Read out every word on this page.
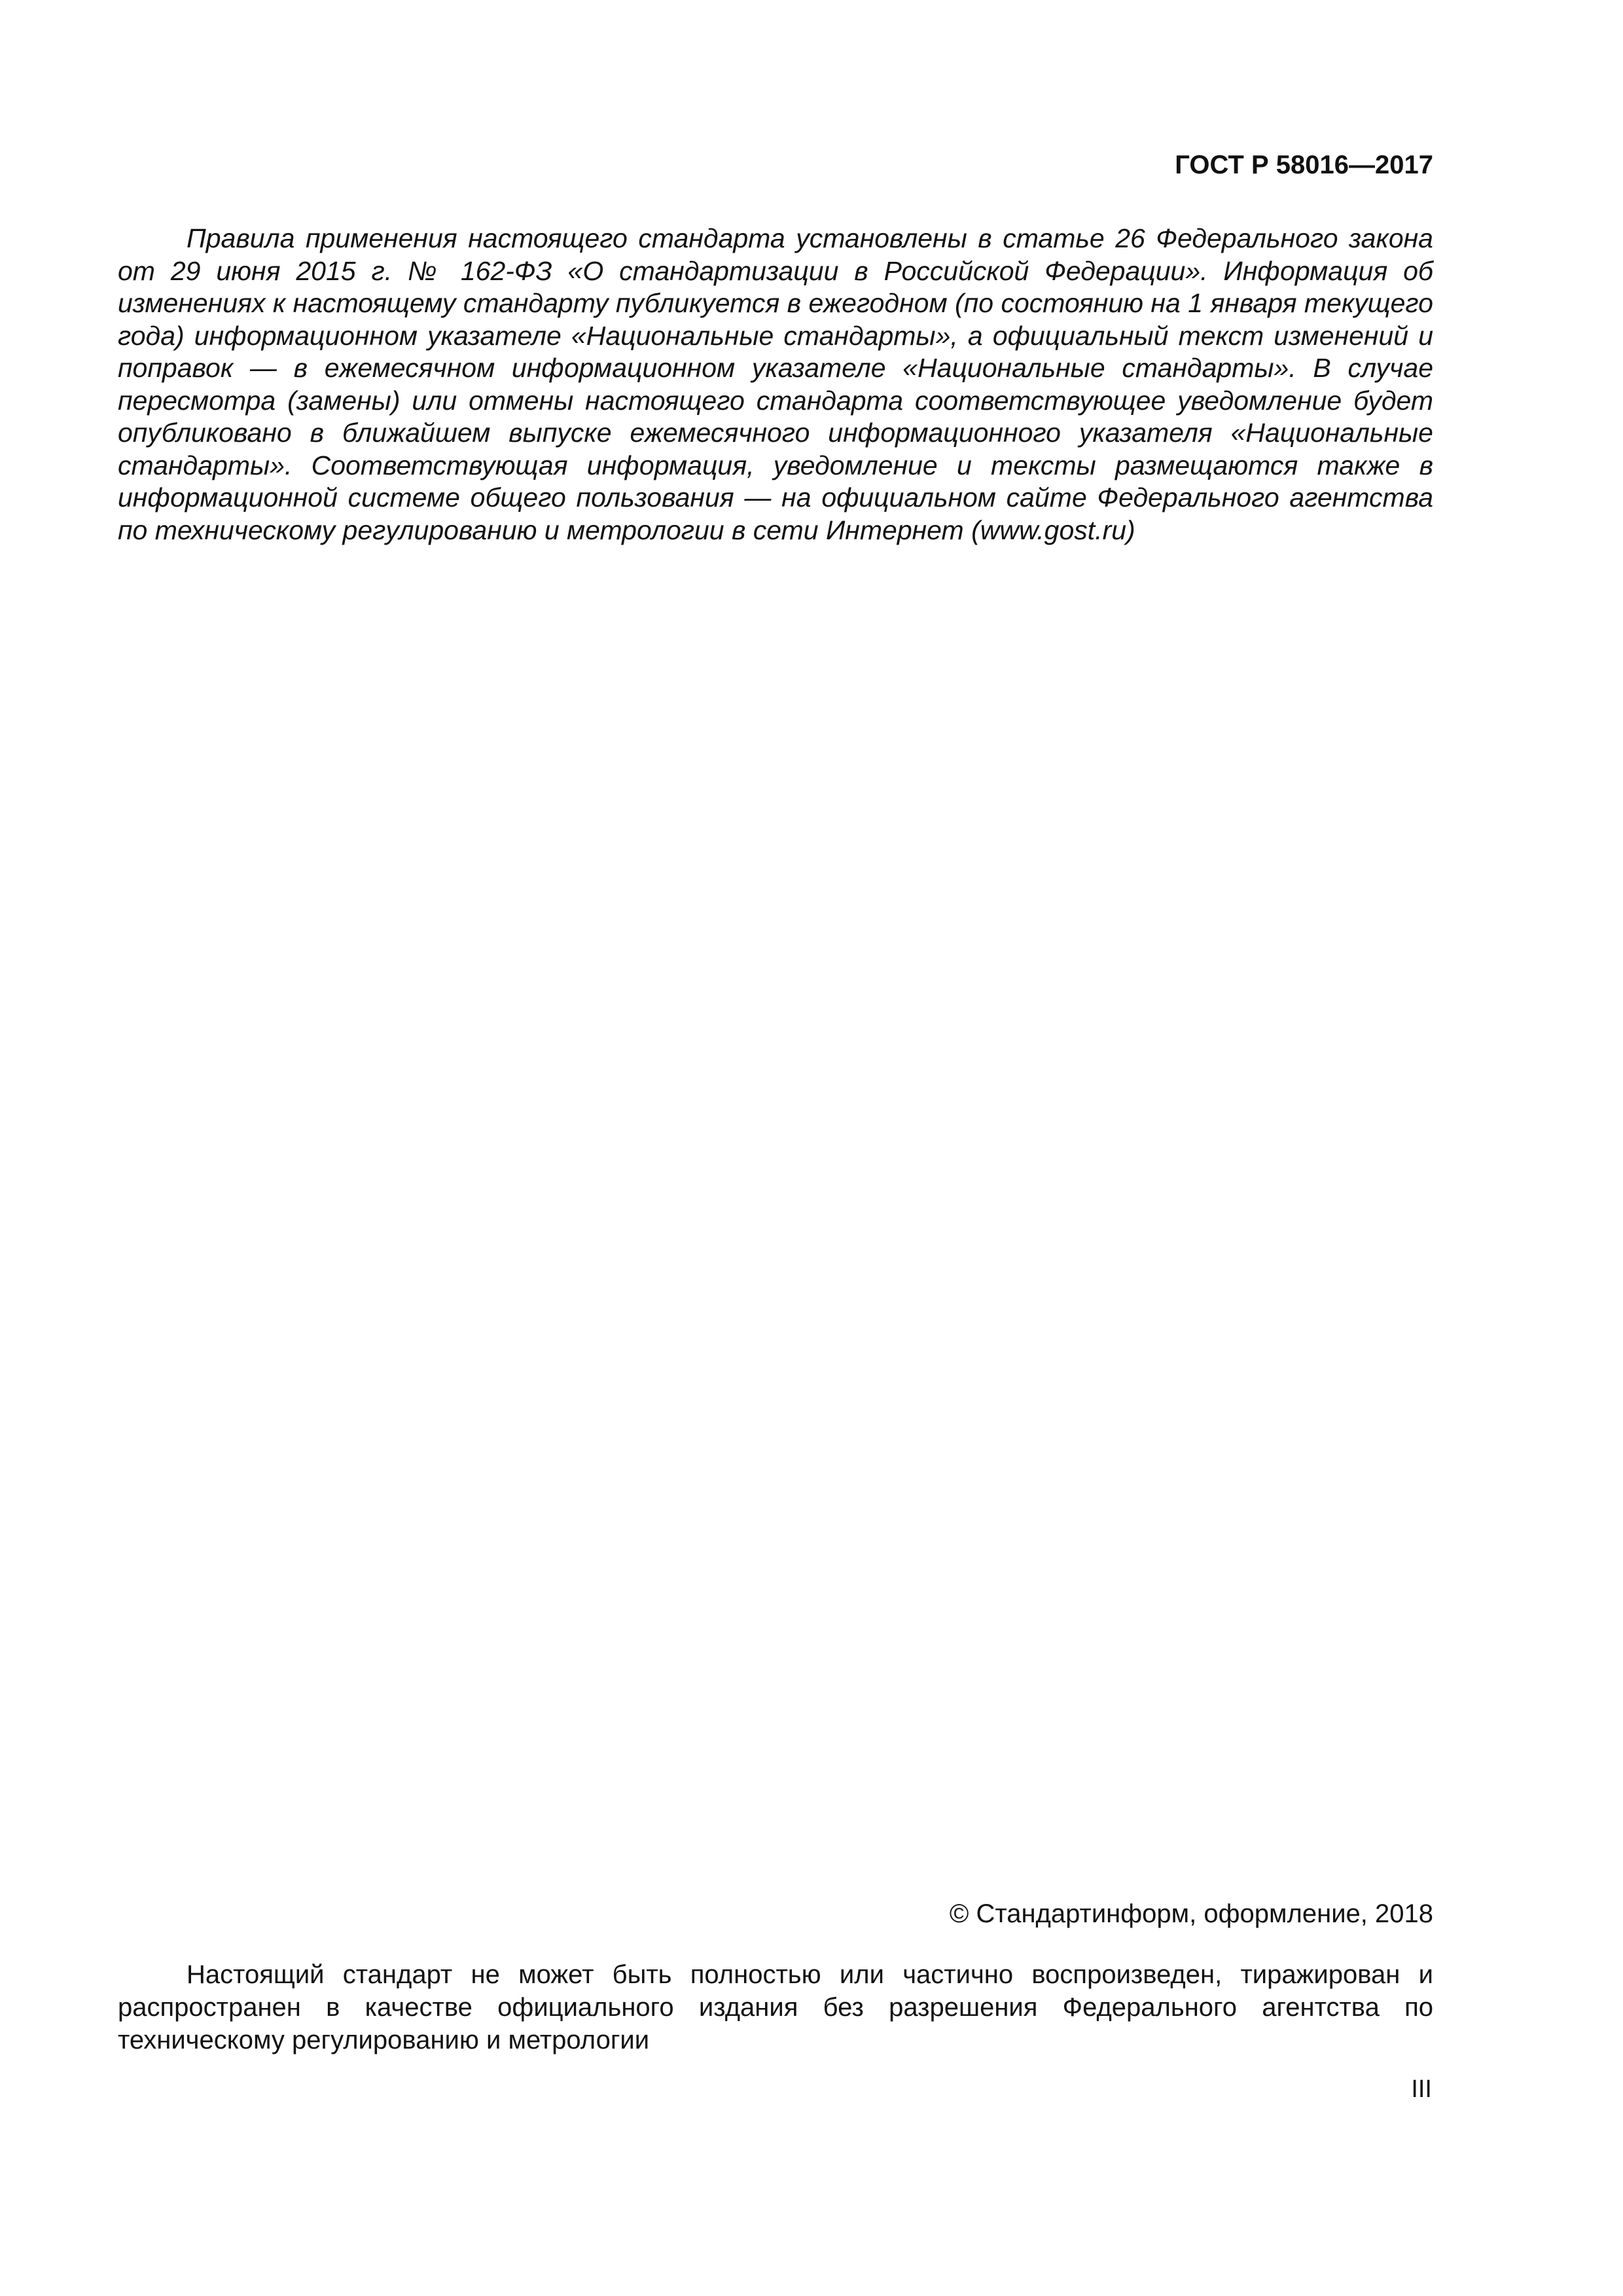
ГОСТ Р 58016—2017

Правила применения настоящего стандарта установлены в статье 26 Федерального закона от 29 июня 2015 г. № 162-ФЗ «О стандартизации в Российской Федерации». Информация об изменениях к настоящему стандарту публикуется в ежегодном (по состоянию на 1 января текущего года) информационном указателе «Национальные стандарты», а официальный текст изменений и поправок — в ежемесячном информационном указателе «Национальные стандарты». В случае пересмотра (замены) или отмены настоящего стандарта соответствующее уведомление будет опубликовано в ближайшем выпуске ежемесячного информационного указателя «Национальные стандарты». Соответствующая информация, уведомление и тексты размещаются также в информационной системе общего пользования — на официальном сайте Федерального агентства по техническому регулированию и метрологии в сети Интернет (www.gost.ru)

© Стандартинформ, оформление, 2018

Настоящий стандарт не может быть полностью или частично воспроизведен, тиражирован и распространен в качестве официального издания без разрешения Федерального агентства по техническому регулированию и метрологии

III
